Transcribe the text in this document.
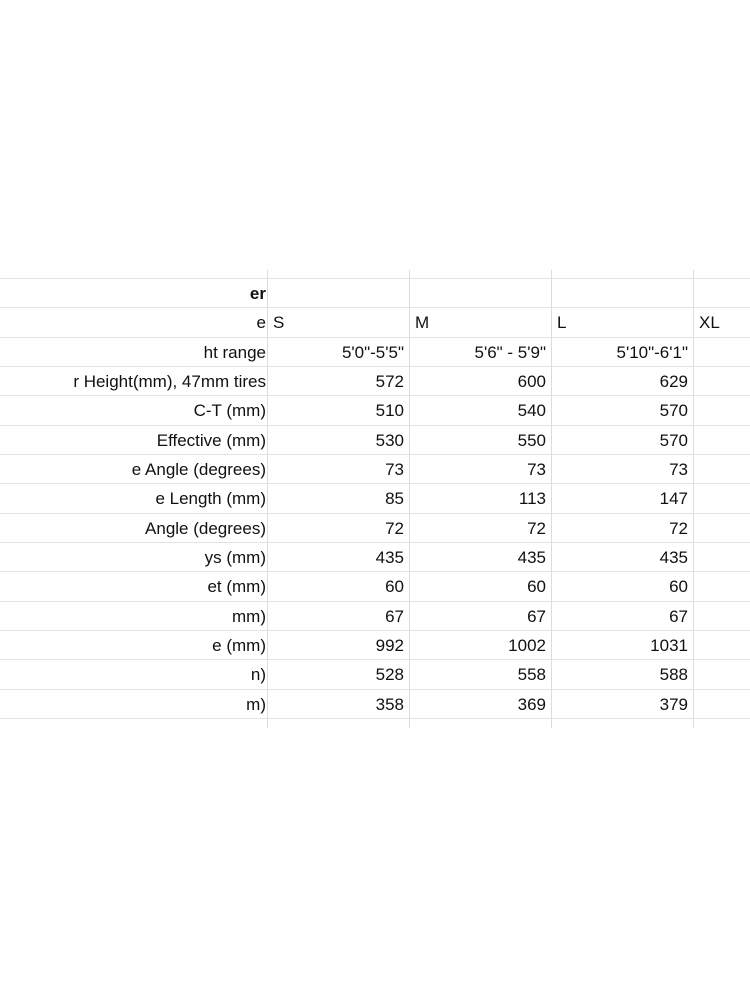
er
e S	M	L	XL
ht range	5'0"-5'5"	5'6" - 5'9"	5'10"-6'1"
r Height(mm), 47mm tires	572	600	629
C-T (mm)	510	540	570
Effective (mm)	530	550	570
e Angle (degrees)	73	73	73
e Length (mm)	85	113	147
Angle (degrees)	72	72	72
ys (mm)	435	435	435
et (mm)	60	60	60
mm)	67	67	67
e (mm)	992	1002	1031
n)	528	558	588
m)	358	369	379
